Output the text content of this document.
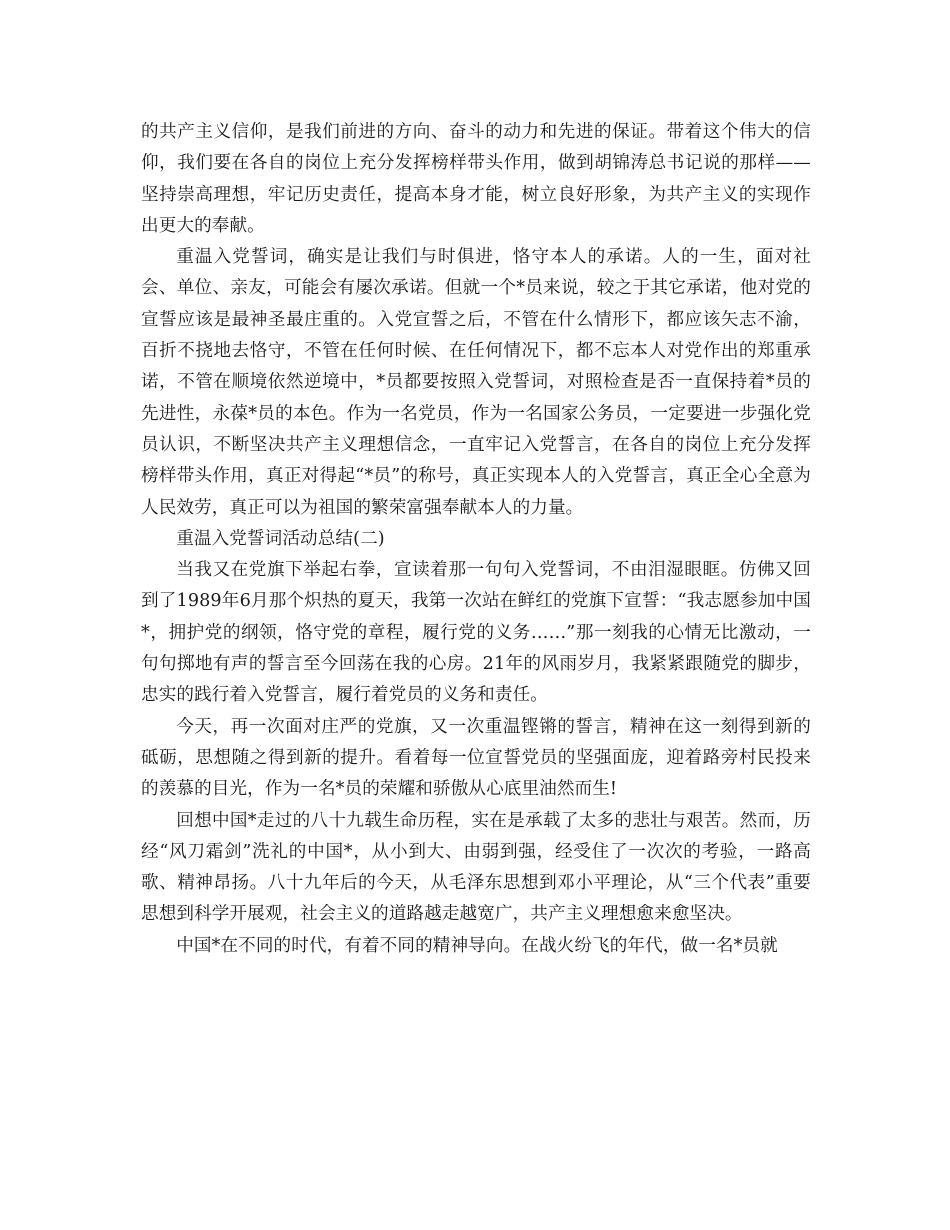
的共产主义信仰，是我们前进的方向、奋斗的动力和先进的保证。带着这个伟大的信仰，我们要在各自的岗位上充分发挥榜样带头作用，做到胡锦涛总书记说的那样——坚持崇高理想，牢记历史责任，提高本身才能，树立良好形象，为共产主义的实现作出更大的奉献。

重温入党誓词，确实是让我们与时俱进，恪守本人的承诺。人的一生，面对社会、单位、亲友，可能会有屡次承诺。但就一个*员来说，较之于其它承诺，他对党的宣誓应该是最神圣最庄重的。入党宣誓之后，不管在什么情形下，都应该矢志不渝，百折不挠地去恪守，不管在任何时候、在任何情况下，都不忘本人对党作出的郑重承诺，不管在顺境依然逆境中，*员都要按照入党誓词，对照检查是否一直保持着*员的先进性，永葆*员的本色。作为一名党员，作为一名国家公务员，一定要进一步强化党员认识，不断坚决共产主义理想信念，一直牢记入党誓言，在各自的岗位上充分发挥榜样带头作用，真正对得起“*员”的称号，真正实现本人的入党誓言，真正全心全意为人民效劳，真正可以为祖国的繁荣富强奉献本人的力量。

重温入党誓词活动总结(二)

当我又在党旗下举起右拳，宣读着那一句句入党誓词，不由泪湿眼眶。仿佛又回到了1989年6月那个炽热的夏天，我第一次站在鲜红的党旗下宣誓：“我志愿参加中国*，拥护党的纲领，恪守党的章程，履行党的义务……”那一刻我的心情无比激动，一句句掷地有声的誓言至今回荡在我的心房。21年的风雨岁月，我紧紧跟随党的脚步，忠实的践行着入党誓言，履行着党员的义务和责任。

今天，再一次面对庄严的党旗，又一次重温铿锵的誓言，精神在这一刻得到新的砥砺，思想随之得到新的提升。看着每一位宣誓党员的坚强面庞，迎着路旁村民投来的羡慕的目光，作为一名*员的荣耀和骄傲从心底里油然而生!

回想中国*走过的八十九载生命历程，实在是承载了太多的悲壮与艰苦。然而，历经“风刀霜剑”洗礼的中国*，从小到大、由弱到强，经受住了一次次的考验，一路高歌、精神昂扬。八十九年后的今天，从毛泽东思想到邓小平理论，从“三个代表”重要思想到科学开展观，社会主义的道路越走越宽广，共产主义理想愈来愈坚决。

中国*在不同的时代，有着不同的精神导向。在战火纷飞的年代，做一名*员就
